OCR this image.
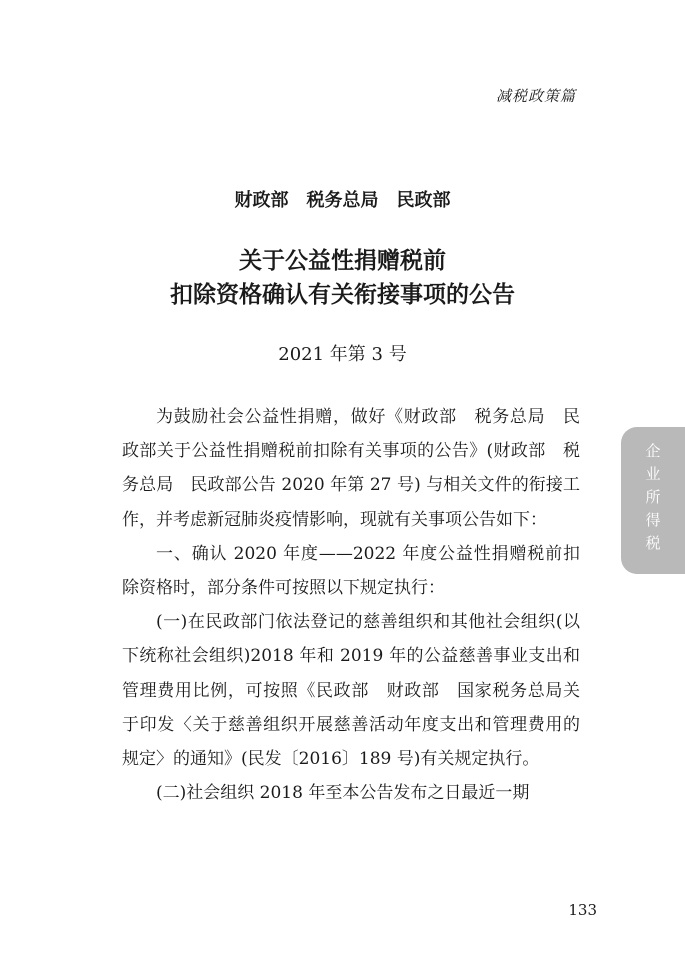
减税政策篇
财政部　税务总局　民政部
关于公益性捐赠税前
扣除资格确认有关衔接事项的公告
2021 年第 3 号

为鼓励社会公益性捐赠，做好《财政部　税务总局　民政部关于公益性捐赠税前扣除有关事项的公告》(财政部　税务总局　民政部公告 2020 年第 27 号) 与相关文件的衔接工作，并考虑新冠肺炎疫情影响，现就有关事项公告如下：

一、确认 2020 年度——2022 年度公益性捐赠税前扣除资格时，部分条件可按照以下规定执行：

(一)在民政部门依法登记的慈善组织和其他社会组织(以下统称社会组织)2018 年和 2019 年的公益慈善事业支出和管理费用比例，可按照《民政部　财政部　国家税务总局关于印发〈关于慈善组织开展慈善活动年度支出和管理费用的规定〉的通知》(民发〔2016〕189 号)有关规定执行。

(二)社会组织 2018 年至本公告发布之日最近一期

企业所得税
133
